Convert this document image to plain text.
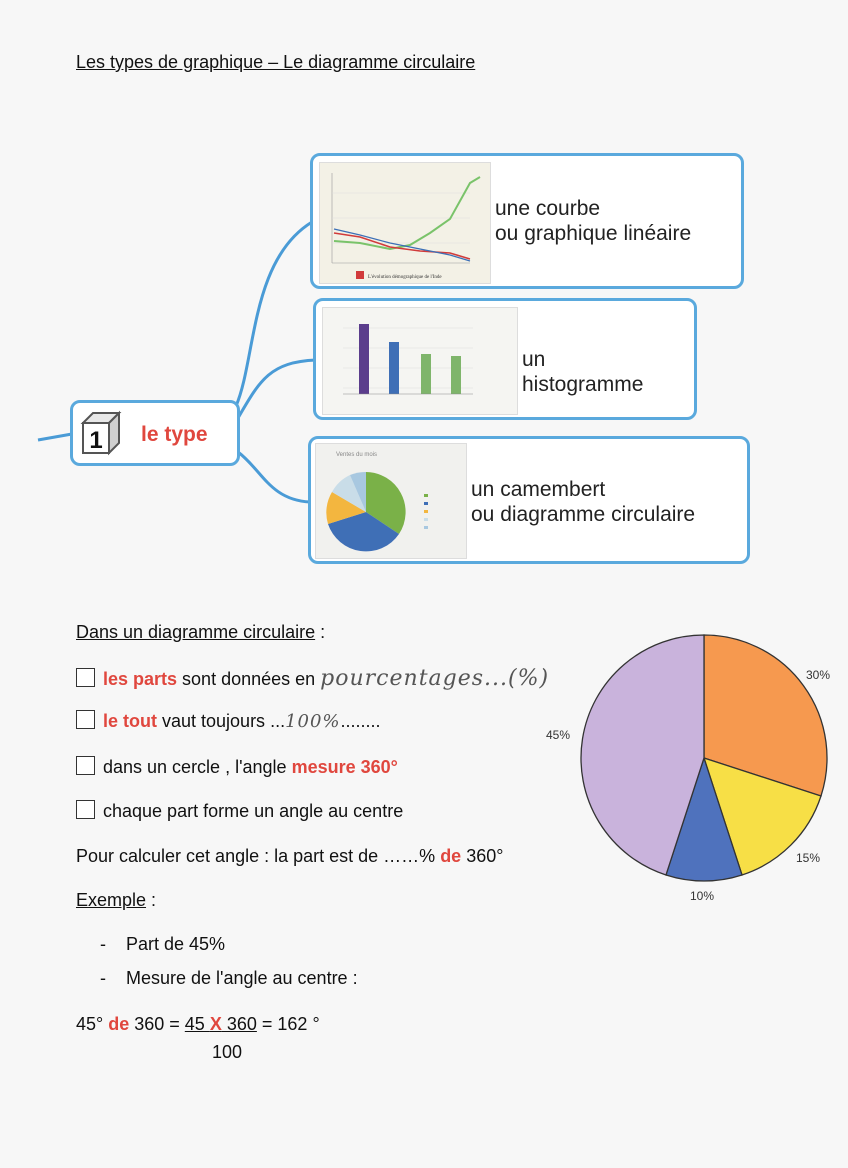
Les types de graphique – Le diagramme circulaire
1 le type
L'évolution démographique de l'Inde
une courbe
ou graphique linéaire
un
histogramme
Ventes du mois
un camembert
ou diagramme circulaire
Dans un diagramme circulaire :
les parts sont données en pourcentages...(%)
le tout vaut toujours ...100%........
dans un cercle , l'angle mesure 360°
chaque part forme un angle au centre
Pour calculer cet angle : la part est de ……% de 360°
Exemple :
- Part de 45%
- Mesure de l'angle au centre :
45° de 360 = 45 X 360 = 162 °
100
30%
15%
10%
45%
